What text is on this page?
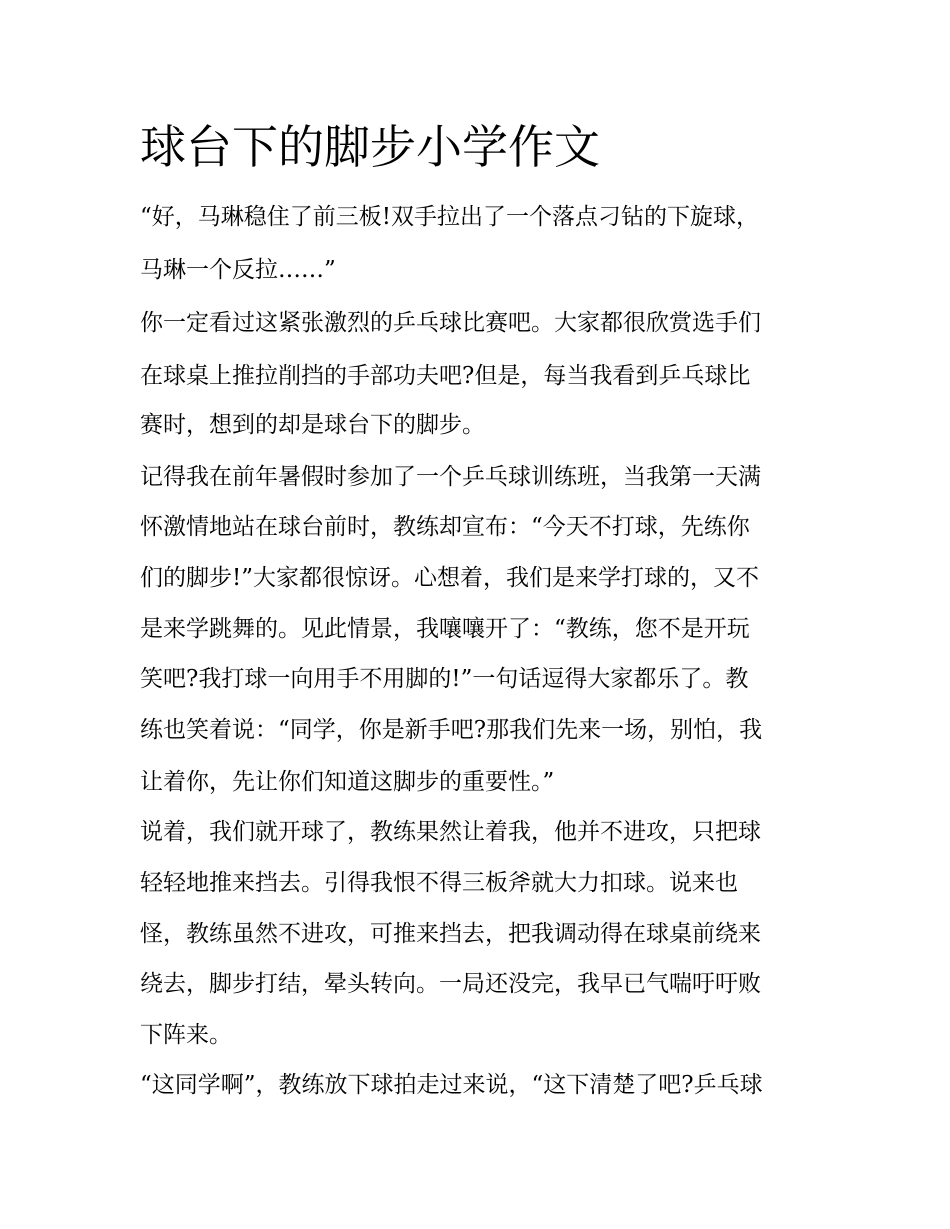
球台下的脚步小学作文

“好，马琳稳住了前三板!双手拉出了一个落点刁钻的下旋球，

马琳一个反拉……”

你一定看过这紧张激烈的乒乓球比赛吧。大家都很欣赏选手们

在球桌上推拉削挡的手部功夫吧?但是，每当我看到乒乓球比

赛时，想到的却是球台下的脚步。

记得我在前年暑假时参加了一个乒乓球训练班，当我第一天满

怀激情地站在球台前时，教练却宣布：“今天不打球，先练你

们的脚步!”大家都很惊讶。心想着，我们是来学打球的，又不

是来学跳舞的。见此情景，我嚷嚷开了：“教练，您不是开玩

笑吧?我打球一向用手不用脚的!”一句话逗得大家都乐了。教

练也笑着说：“同学，你是新手吧?那我们先来一场，别怕，我

让着你，先让你们知道这脚步的重要性。”

说着，我们就开球了，教练果然让着我，他并不进攻，只把球

轻轻地推来挡去。引得我恨不得三板斧就大力扣球。说来也

怪，教练虽然不进攻，可推来挡去，把我调动得在球桌前绕来

绕去，脚步打结，晕头转向。一局还没完，我早已气喘吁吁败

下阵来。

“这同学啊”，教练放下球拍走过来说，“这下清楚了吧?乒乓球
